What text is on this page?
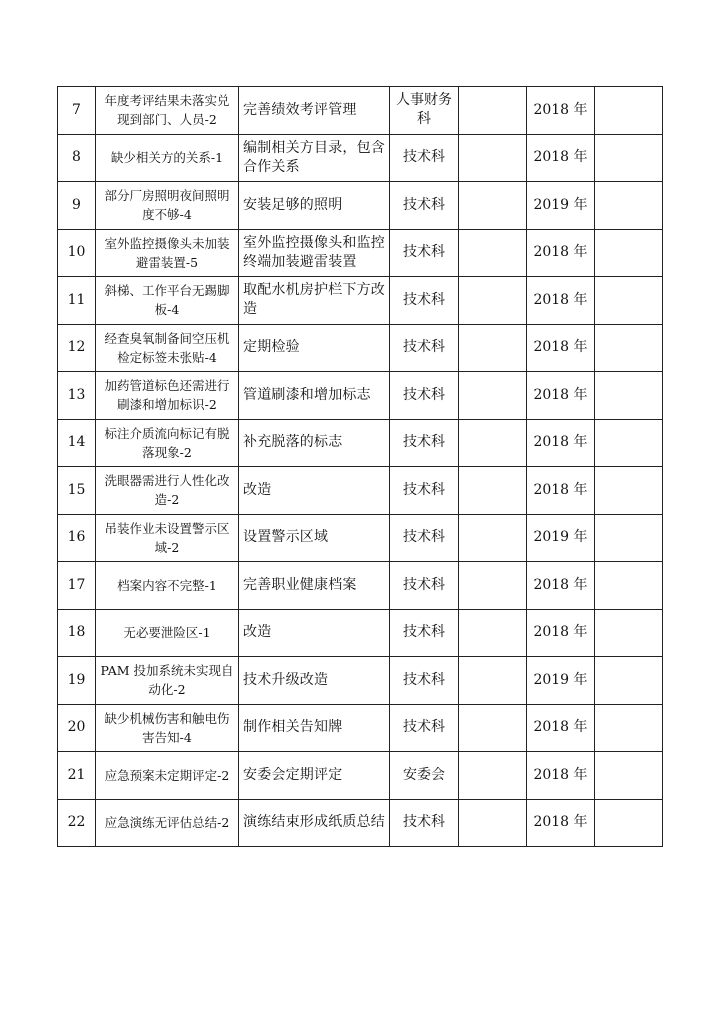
7	年度考评结果未落实兑现到部门、人员-2	完善绩效考评管理	人事财务科		2018 年	
8	缺少相关方的关系-1	编制相关方目录，包含合作关系	技术科		2018 年	
9	部分厂房照明夜间照明度不够-4	安装足够的照明	技术科		2019 年	
10	室外监控摄像头未加装避雷装置-5	室外监控摄像头和监控终端加装避雷装置	技术科		2018 年	
11	斜梯、工作平台无踢脚板-4	取配水机房护栏下方改造	技术科		2018 年	
12	经查臭氧制备间空压机检定标签未张贴-4	定期检验	技术科		2018 年	
13	加药管道标色还需进行刷漆和增加标识-2	管道刷漆和增加标志	技术科		2018 年	
14	标注介质流向标记有脱落现象-2	补充脱落的标志	技术科		2018 年	
15	洗眼器需进行人性化改造-2	改造	技术科		2018 年	
16	吊装作业未设置警示区域-2	设置警示区域	技术科		2019 年	
17	档案内容不完整-1	完善职业健康档案	技术科		2018 年	
18	无必要泄险区-1	改造	技术科		2018 年	
19	PAM 投加系统未实现自动化-2	技术升级改造	技术科		2019 年	
20	缺少机械伤害和触电伤害告知-4	制作相关告知牌	技术科		2018 年	
21	应急预案未定期评定-2	安委会定期评定	安委会		2018 年	
22	应急演练无评估总结-2	演练结束形成纸质总结	技术科		2018 年	
